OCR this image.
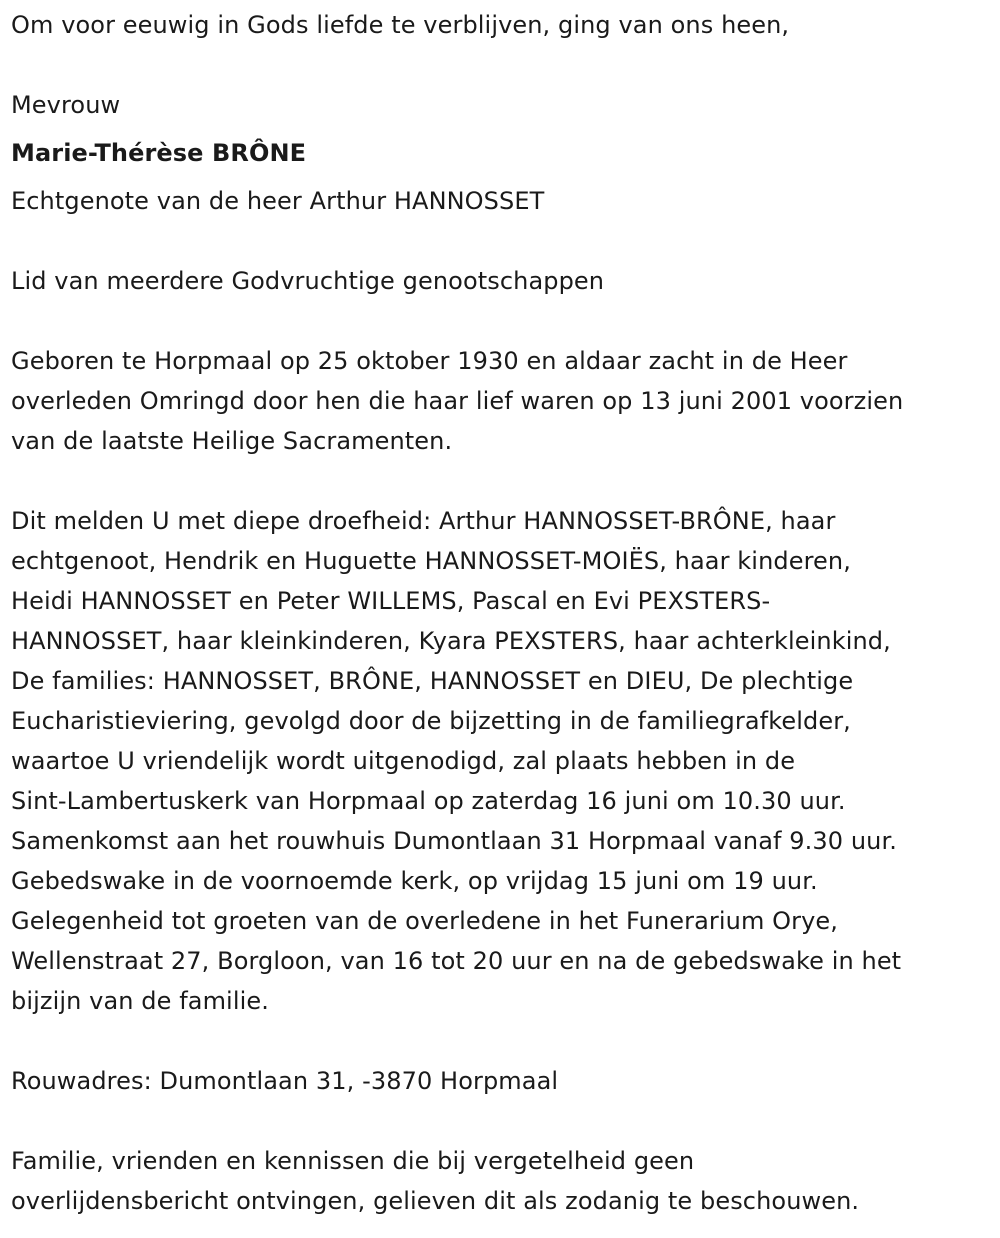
Om voor eeuwig in Gods liefde te verblijven, ging van ons heen,
Mevrouw
Marie-Thérèse BRÔNE
Echtgenote van de heer Arthur HANNOSSET
Lid van meerdere Godvruchtige genootschappen
Geboren te Horpmaal op 25 oktober 1930 en aldaar zacht in de Heer
overleden Omringd door hen die haar lief waren op 13 juni 2001 voorzien
van de laatste Heilige Sacramenten.
Dit melden U met diepe droefheid: Arthur HANNOSSET-BRÔNE, haar
echtgenoot, Hendrik en Huguette HANNOSSET-MOIËS, haar kinderen,
Heidi HANNOSSET en Peter WILLEMS, Pascal en Evi PEXSTERS-
HANNOSSET, haar kleinkinderen, Kyara PEXSTERS, haar achterkleinkind,
De families: HANNOSSET, BRÔNE, HANNOSSET en DIEU, De plechtige
Eucharistieviering, gevolgd door de bijzetting in de familiegrafkelder,
waartoe U vriendelijk wordt uitgenodigd, zal plaats hebben in de
Sint-Lambertuskerk van Horpmaal op zaterdag 16 juni om 10.30 uur.
Samenkomst aan het rouwhuis Dumontlaan 31 Horpmaal vanaf 9.30 uur.
Gebedswake in de voornoemde kerk, op vrijdag 15 juni om 19 uur.
Gelegenheid tot groeten van de overledene in het Funerarium Orye,
Wellenstraat 27, Borgloon, van 16 tot 20 uur en na de gebedswake in het
bijzijn van de familie.
Rouwadres: Dumontlaan 31, -3870 Horpmaal
Familie, vrienden en kennissen die bij vergetelheid geen
overlijdensbericht ontvingen, gelieven dit als zodanig te beschouwen.
